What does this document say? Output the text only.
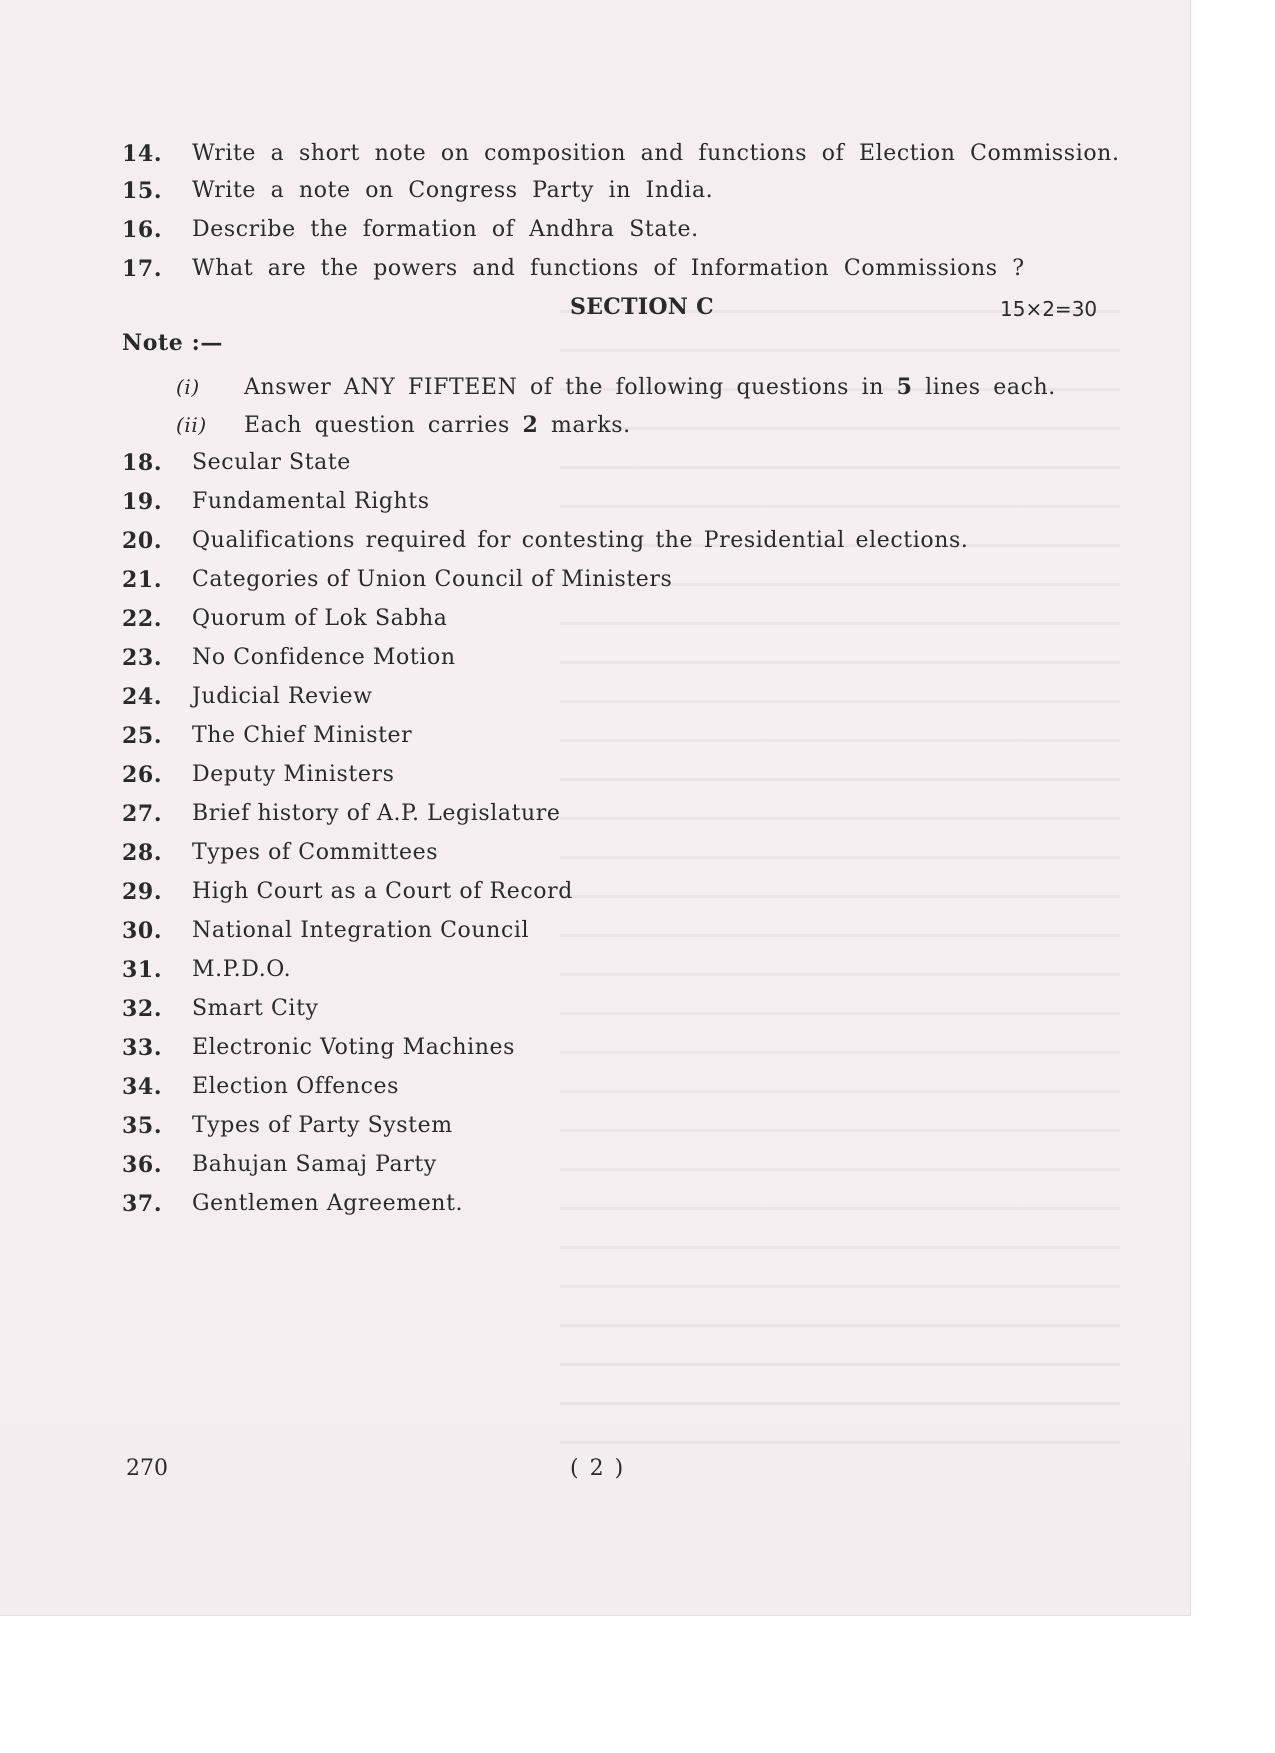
14.	Write a short note on composition and functions of Election Commission.
15.	Write a note on Congress Party in India.
16.	Describe the formation of Andhra State.
17.	What are the powers and functions of Information Commissions ?
SECTION C	15×2=30
Note :—
(i) Answer ANY FIFTEEN of the following questions in 5 lines each.
(ii) Each question carries 2 marks.
18.	Secular State
19.	Fundamental Rights
20.	Qualifications required for contesting the Presidential elections.
21.	Categories of Union Council of Ministers
22.	Quorum of Lok Sabha
23.	No Confidence Motion
24.	Judicial Review
25.	The Chief Minister
26.	Deputy Ministers
27.	Brief history of A.P. Legislature
28.	Types of Committees
29.	High Court as a Court of Record
30.	National Integration Council
31.	M.P.D.O.
32.	Smart City
33.	Electronic Voting Machines
34.	Election Offences
35.	Types of Party System
36.	Bahujan Samaj Party
37.	Gentlemen Agreement.
270	( 2 )
